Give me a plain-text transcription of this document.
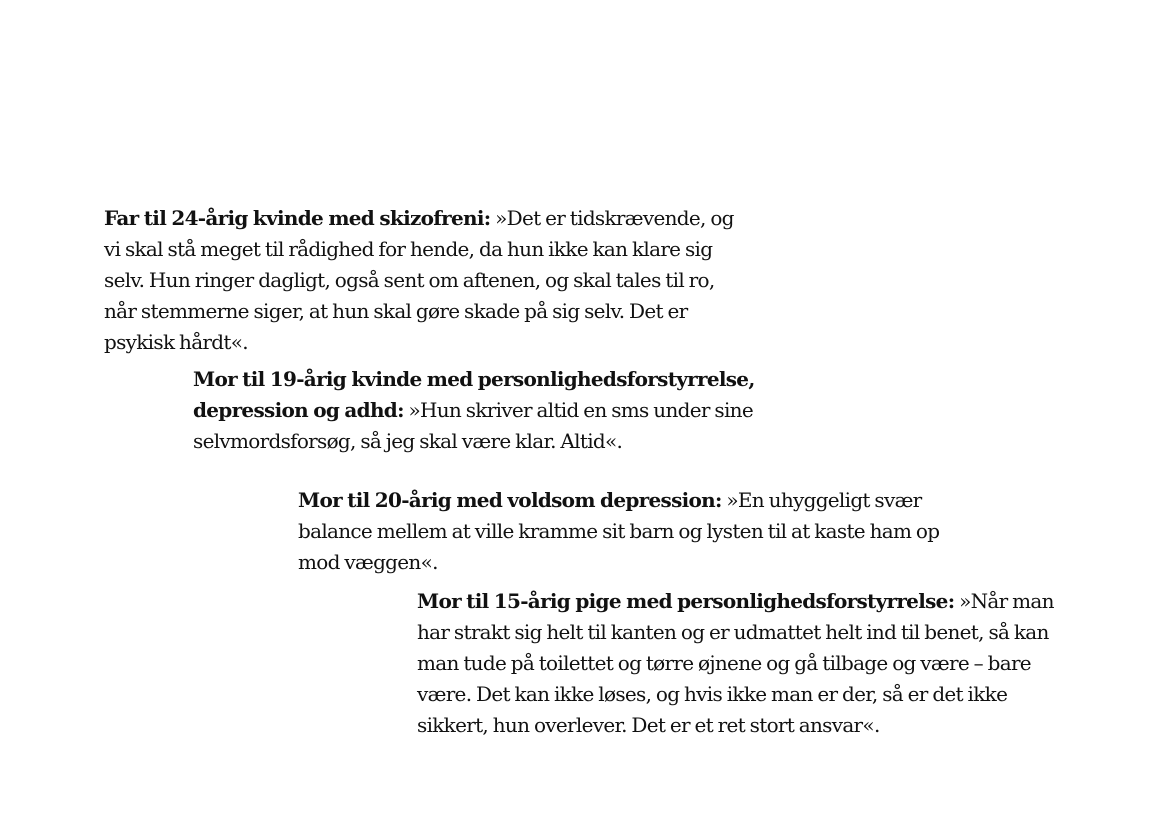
Far til 24-årig kvinde med skizofreni: »Det er tidskrævende, og vi skal stå meget til rådighed for hende, da hun ikke kan klare sig selv. Hun ringer dagligt, også sent om aftenen, og skal tales til ro, når stemmerne siger, at hun skal gøre skade på sig selv. Det er psykisk hårdt«.

Mor til 19-årig kvinde med personlighedsforstyrrelse, depression og adhd: »Hun skriver altid en sms under sine selvmordsforsøg, så jeg skal være klar. Altid«.

Mor til 20-årig med voldsom depression: »En uhyggeligt svær balance mellem at ville kramme sit barn og lysten til at kaste ham op mod væggen«.

Mor til 15-årig pige med personlighedsforstyrrelse: »Når man har strakt sig helt til kanten og er udmattet helt ind til benet, så kan man tude på toilettet og tørre øjnene og gå tilbage og være – bare være. Det kan ikke løses, og hvis ikke man er der, så er det ikke sikkert, hun overlever. Det er et ret stort ansvar«.
